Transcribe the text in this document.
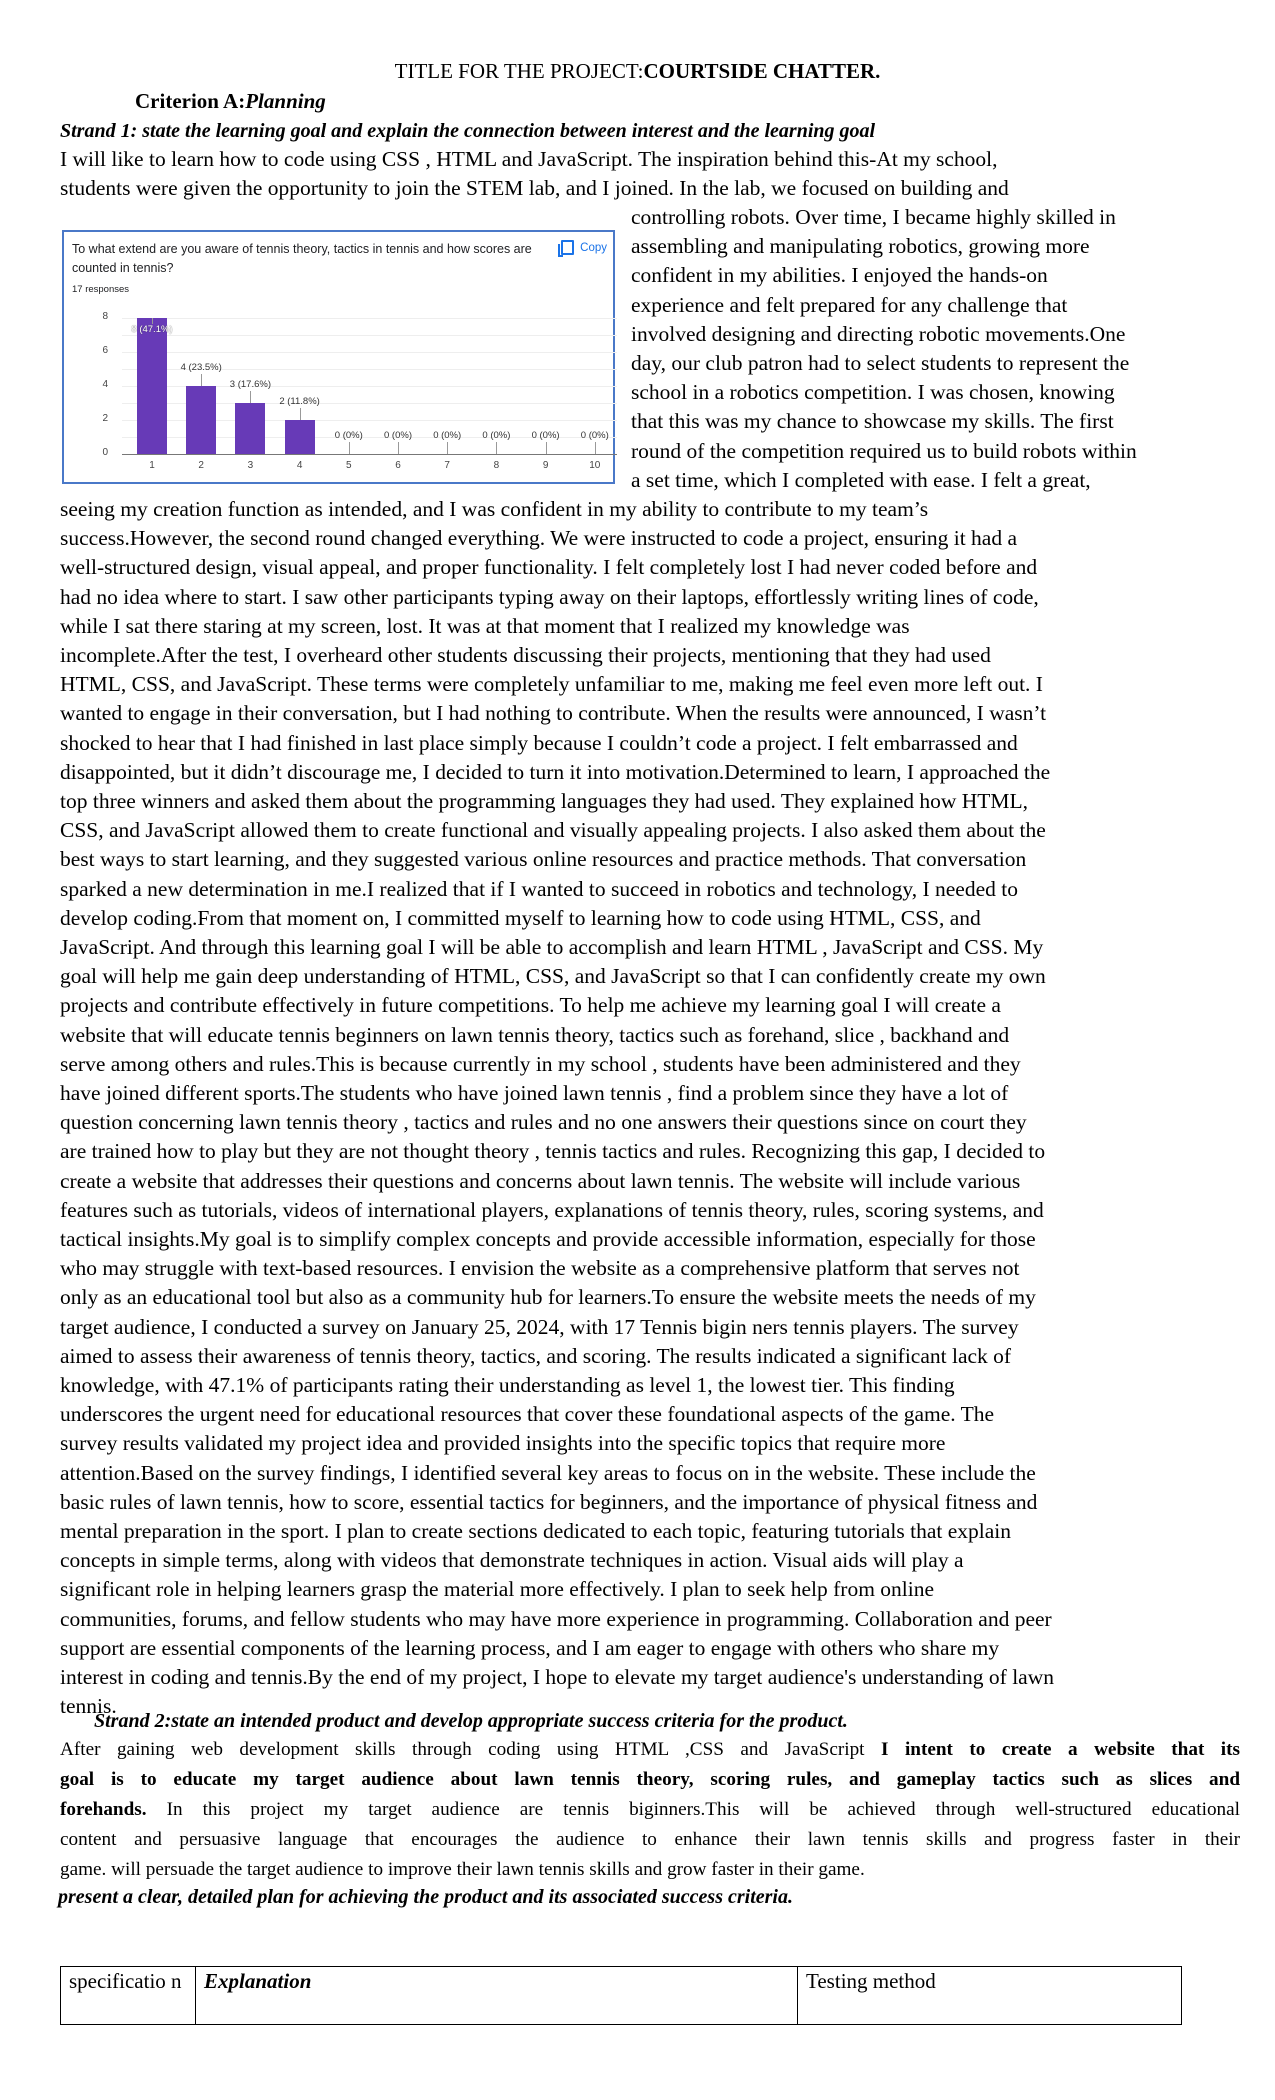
TITLE FOR THE PROJECT:COURTSIDE CHATTER.
Criterion A:Planning
Strand 1: state the learning goal and explain the connection between interest and the learning goal
I will like to learn how to code using CSS , HTML and JavaScript. The inspiration behind this-At my school,
students were given the opportunity to join the STEM lab, and I joined. In the lab, we focused on building and
controlling robots. Over time, I became highly skilled in
assembling and manipulating robotics, growing more
confident in my abilities. I enjoyed the hands-on
experience and felt prepared for any challenge that
involved designing and directing robotic movements.One
day, our club patron had to select students to represent the
school in a robotics competition. I was chosen, knowing
that this was my chance to showcase my skills. The first
round of the competition required us to build robots within
a set time, which I completed with ease. I felt a great,
seeing my creation function as intended, and I was confident in my ability to contribute to my team’s
success.However, the second round changed everything. We were instructed to code a project, ensuring it had a
well-structured design, visual appeal, and proper functionality. I felt completely lost I had never coded before and
had no idea where to start. I saw other participants typing away on their laptops, effortlessly writing lines of code,
while I sat there staring at my screen, lost. It was at that moment that I realized my knowledge was
incomplete.After the test, I overheard other students discussing their projects, mentioning that they had used
HTML, CSS, and JavaScript. These terms were completely unfamiliar to me, making me feel even more left out. I
wanted to engage in their conversation, but I had nothing to contribute. When the results were announced, I wasn’t
shocked to hear that I had finished in last place simply because I couldn’t code a project. I felt embarrassed and
disappointed, but it didn’t discourage me, I decided to turn it into motivation.Determined to learn, I approached the
top three winners and asked them about the programming languages they had used. They explained how HTML,
CSS, and JavaScript allowed them to create functional and visually appealing projects. I also asked them about the
best ways to start learning, and they suggested various online resources and practice methods. That conversation
sparked a new determination in me.I realized that if I wanted to succeed in robotics and technology, I needed to
develop coding.From that moment on, I committed myself to learning how to code using HTML, CSS, and
JavaScript. And through this learning goal I will be able to accomplish and learn HTML , JavaScript and CSS. My
goal will help me gain deep understanding of HTML, CSS, and JavaScript so that I can confidently create my own
projects and contribute effectively in future competitions. To help me achieve my learning goal I will create a
website that will educate tennis beginners on lawn tennis theory, tactics such as forehand, slice , backhand and
serve among others and rules.This is because currently in my school , students have been administered and they
have joined different sports.The students who have joined lawn tennis , find a problem since they have a lot of
question concerning lawn tennis theory , tactics and rules and no one answers their questions since on court they
are trained how to play but they are not thought theory , tennis tactics and rules. Recognizing this gap, I decided to
create a website that addresses their questions and concerns about lawn tennis. The website will include various
features such as tutorials, videos of international players, explanations of tennis theory, rules, scoring systems, and
tactical insights.My goal is to simplify complex concepts and provide accessible information, especially for those
who may struggle with text-based resources. I envision the website as a comprehensive platform that serves not
only as an educational tool but also as a community hub for learners.To ensure the website meets the needs of my
target audience, I conducted a survey on January 25, 2024, with 17 Tennis bigin ners tennis players. The survey
aimed to assess their awareness of tennis theory, tactics, and scoring. The results indicated a significant lack of
knowledge, with 47.1% of participants rating their understanding as level 1, the lowest tier. This finding
underscores the urgent need for educational resources that cover these foundational aspects of the game. The
survey results validated my project idea and provided insights into the specific topics that require more
attention.Based on the survey findings, I identified several key areas to focus on in the website. These include the
basic rules of lawn tennis, how to score, essential tactics for beginners, and the importance of physical fitness and
mental preparation in the sport. I plan to create sections dedicated to each topic, featuring tutorials that explain
concepts in simple terms, along with videos that demonstrate techniques in action. Visual aids will play a
significant role in helping learners grasp the material more effectively. I plan to seek help from online
communities, forums, and fellow students who may have more experience in programming. Collaboration and peer
support are essential components of the learning process, and I am eager to engage with others who share my
interest in coding and tennis.By the end of my project, I hope to elevate my target audience's understanding of lawn
tennis.
To what extend are you aware of tennis theory, tactics in tennis and how scores are counted in tennis?
Copy
17 responses
0
2
4
6
8
8 (47.1%)
1
4 (23.5%)
2
3 (17.6%)
3
2 (11.8%)
4
0 (0%)
5
0 (0%)
6
0 (0%)
7
0 (0%)
8
0 (0%)
9
0 (0%)
10
Strand 2:state an intended product and develop appropriate success criteria for the product.
After gaining web development skills through coding using HTML ,CSS and JavaScript I intent to create a website that its
goal is to educate my target audience about lawn tennis theory, scoring rules, and gameplay tactics such as slices and
forehands. In this project my target audience are tennis biginners.This will be achieved through well-structured educational
content and persuasive language that encourages the audience to enhance their lawn tennis skills and progress faster in their
game. will persuade the target audience to improve their lawn tennis skills and grow faster in their game.
present a clear, detailed plan for achieving the product and its associated success criteria.
specificatio n	Explanation	Testing method
